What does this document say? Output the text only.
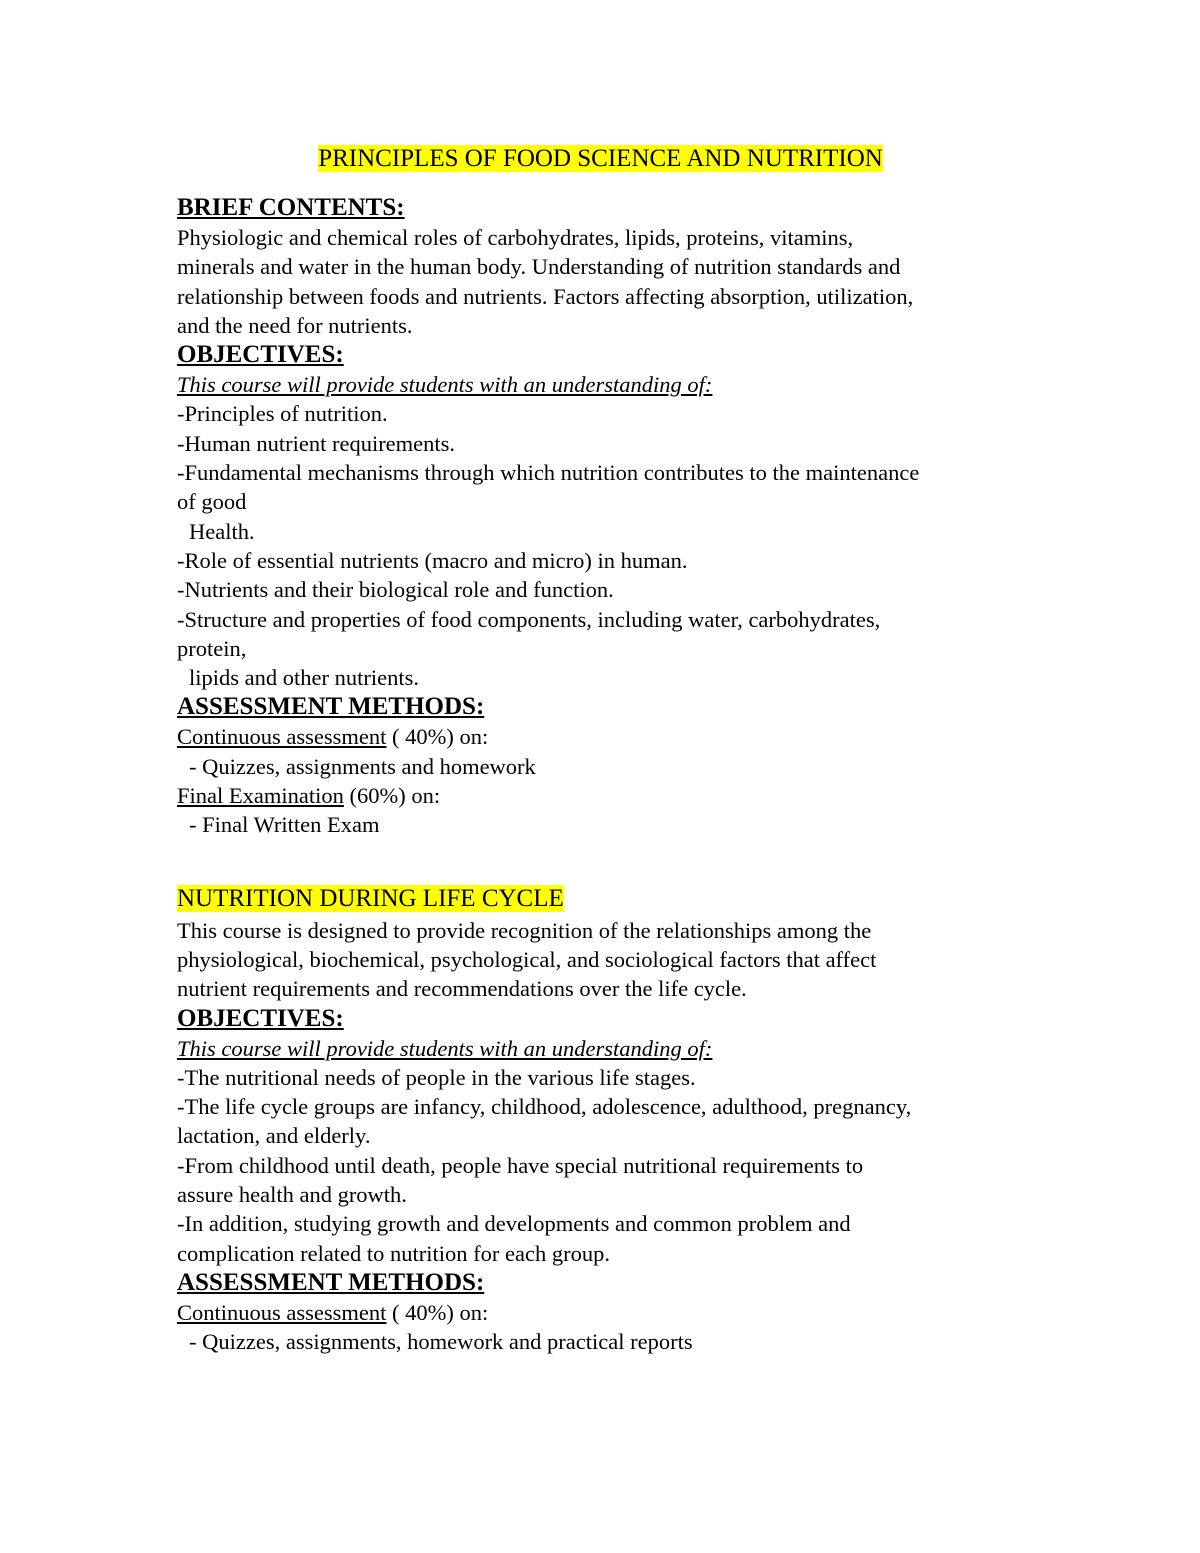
PRINCIPLES OF FOOD SCIENCE AND NUTRITION

BRIEF CONTENTS:

Physiologic and chemical roles of carbohydrates, lipids, proteins, vitamins,

minerals and water in the human body. Understanding of nutrition standards and

relationship between foods and nutrients. Factors affecting absorption, utilization,

and the need for nutrients.

OBJECTIVES:

This course will provide students with an understanding of:

-Principles of nutrition.

-Human nutrient requirements.

-Fundamental mechanisms through which nutrition contributes to the maintenance

of good

Health.

-Role of essential nutrients (macro and micro) in human.

-Nutrients and their biological role and function.

-Structure and properties of food components, including water, carbohydrates,

protein,

lipids and other nutrients.

ASSESSMENT METHODS:

Continuous assessment ( 40%) on:

- Quizzes, assignments and homework

Final Examination (60%) on:

- Final Written Exam

NUTRITION DURING LIFE CYCLE

This course is designed to provide recognition of the relationships among the

physiological, biochemical, psychological, and sociological factors that affect

nutrient requirements and recommendations over the life cycle.

OBJECTIVES:

This course will provide students with an understanding of:

-The nutritional needs of people in the various life stages.

-The life cycle groups are infancy, childhood, adolescence, adulthood, pregnancy,

lactation, and elderly.

-From childhood until death, people have special nutritional requirements to

assure health and growth.

-In addition, studying growth and developments and common problem and

complication related to nutrition for each group.

ASSESSMENT METHODS:

Continuous assessment ( 40%) on:

- Quizzes, assignments, homework and practical reports
